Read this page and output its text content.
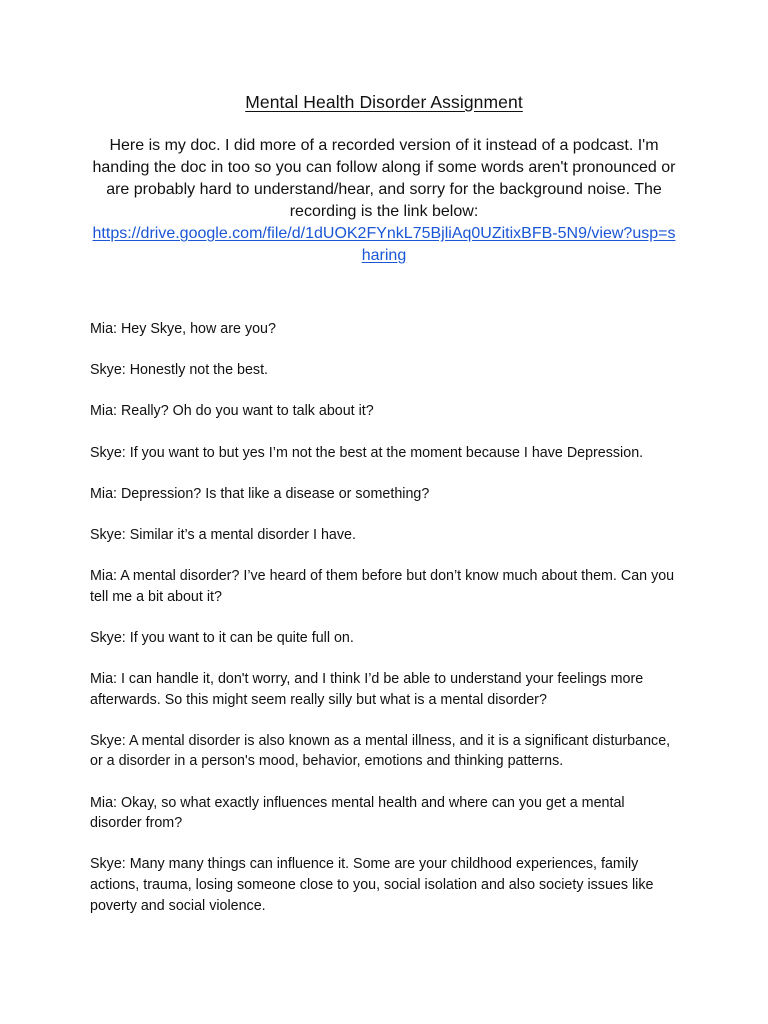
Mental Health Disorder Assignment

Here is my doc. I did more of a recorded version of it instead of a podcast. I'm handing the doc in too so you can follow along if some words aren't pronounced or are probably hard to understand/hear, and sorry for the background noise. The recording is the link below:
https://drive.google.com/file/d/1dUOK2FYnkL75BjliAq0UZitixBFB-5N9/view?usp=sharing

Mia: Hey Skye, how are you?

Skye: Honestly not the best.

Mia: Really? Oh do you want to talk about it?

Skye: If you want to but yes I’m not the best at the moment because I have Depression.

Mia: Depression? Is that like a disease or something?

Skye: Similar it’s a mental disorder I have.

Mia: A mental disorder? I’ve heard of them before but don’t know much about them. Can you tell me a bit about it?

Skye: If you want to it can be quite full on.

Mia: I can handle it, don't worry, and I think I’d be able to understand your feelings more afterwards. So this might seem really silly but what is a mental disorder?

Skye: A mental disorder is also known as a mental illness, and it is a significant disturbance, or a disorder in a person's mood, behavior, emotions and thinking patterns.

Mia: Okay, so what exactly influences mental health and where can you get a mental disorder from?

Skye: Many many things can influence it. Some are your childhood experiences, family actions, trauma, losing someone close to you, social isolation and also society issues like poverty and social violence.
